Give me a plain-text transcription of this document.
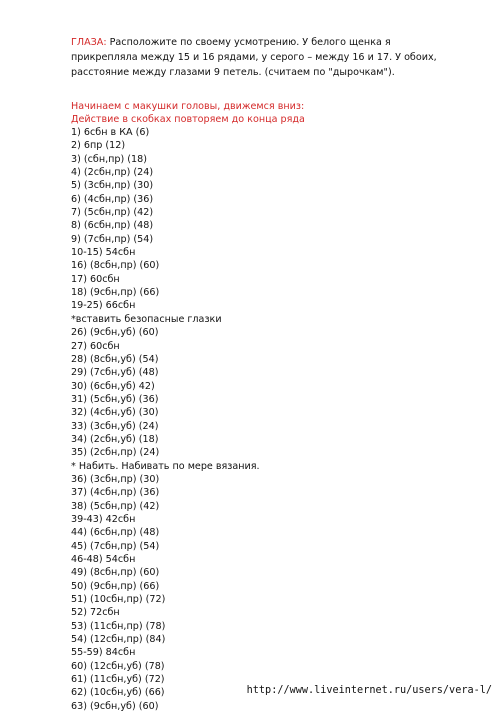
ГЛАЗА: Расположите по своему усмотрению. У белого щенка я прикрепляла между 15 и 16 рядами, у серого – между 16 и 17. У обоих, расстояние между глазами 9 петель. (считаем по "дырочкам").
Начинаем с макушки головы, движемся вниз:
Действие в скобках повторяем до конца ряда
1) 6сбн в КА (6)
2) 6пр (12)
3) (сбн,пр) (18)
4) (2сбн,пр) (24)
5) (3сбн,пр) (30)
6) (4сбн,пр) (36)
7) (5сбн,пр) (42)
8) (6сбн,пр) (48)
9) (7сбн,пр) (54)
10-15) 54сбн
16) (8сбн,пр) (60)
17) 60сбн
18) (9сбн,пр) (66)
19-25) 66сбн
*вставить безопасные глазки
26) (9сбн,уб) (60)
27) 60сбн
28) (8сбн,уб) (54)
29) (7сбн,уб) (48)
30) (6сбн,уб) 42)
31) (5сбн,уб) (36)
32) (4сбн,уб) (30)
33) (3сбн,уб) (24)
34) (2сбн,уб) (18)
35) (2сбн,пр) (24)
* Набить. Набивать по мере вязания.
36) (3сбн,пр) (30)
37) (4сбн,пр) (36)
38) (5сбн,пр) (42)
39-43) 42сбн
44) (6сбн,пр) (48)
45) (7сбн,пр) (54)
46-48) 54сбн
49) (8сбн,пр) (60)
50) (9сбн,пр) (66)
51) (10сбн,пр) (72)
52) 72сбн
53) (11сбн,пр) (78)
54) (12сбн,пр) (84)
55-59) 84сбн
60) (12сбн,уб) (78)
61) (11сбн,уб) (72)
62) (10сбн,уб) (66)
63) (9сбн,уб) (60)
http://www.liveinternet.ru/users/vera-l/
